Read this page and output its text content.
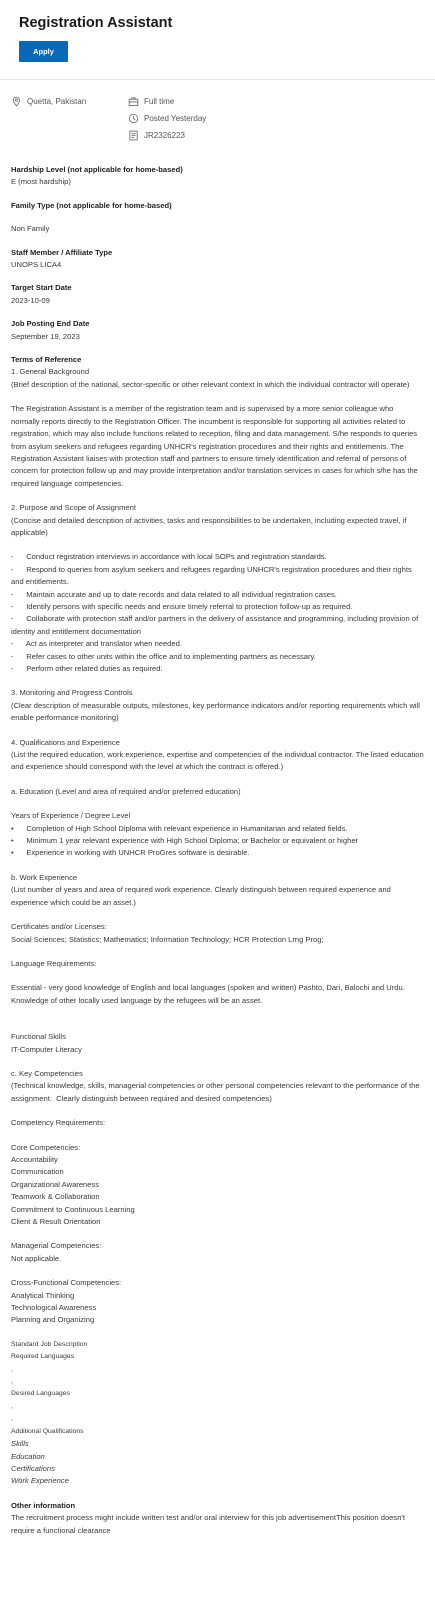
Registration Assistant
Apply
Quetta, Pakistan	Full time
Posted Yesterday
JR2326223

Hardship Level (not applicable for home-based)

E (most hardship)

Family Type (not applicable for home-based)

Non Family

Staff Member / Affiliate Type

UNOPS LICA4

Target Start Date

2023-10-09

Job Posting End Date

September 19, 2023

Terms of Reference

1. General Background

(Brief description of the national, sector-specific or other relevant context in which the individual contractor will operate)

The Registration Assistant is a member of the registration team and is supervised by a more senior colleague who normally reports directly to the Registration Officer. The incumbent is responsible for supporting all activities related to registration, which may also include functions related to reception, filing and data management. S/he responds to queries from asylum seekers and refugees regarding UNHCR's registration procedures and their rights and entitlements. The Registration Assistant liaises with protection staff and partners to ensure timely identification and referral of persons of concern for protection follow up and may provide interpretation and/or translation services in cases for which s/he has the required language competencies.

2. Purpose and Scope of Assignment

(Concise and detailed description of activities, tasks and responsibilities to be undertaken, including expected travel, if applicable)

-      Conduct registration interviews in accordance with local SOPs and registration standards.

-      Respond to queries from asylum seekers and refugees regarding UNHCR's registration procedures and their rights and entitlements.

-      Maintain accurate and up to date records and data related to all individual registration cases.

-      Identify persons with specific needs and ensure timely referral to protection follow-up as required.

-      Collaborate with protection staff and/or partners in the delivery of assistance and programming, including provision of identity and entitlement documentation

-      Act as interpreter and translator when needed.

-      Refer cases to other units within the office and to implementing partners as necessary.

-      Perform other related duties as required.

3. Monitoring and Progress Controls

(Clear description of measurable outputs, milestones, key performance indicators and/or reporting requirements which will enable performance monitoring)

4. Qualifications and Experience

(List the required education, work experience, expertise and competencies of the individual contractor. The listed education and experience should correspond with the level at which the contract is offered.)

a. Education (Level and area of required and/or preferred education)

Years of Experience / Degree Level

•      Completion of High School Diploma with relevant experience in Humanitarian and related fields.

•      Minimum 1 year relevant experience with High School Diploma; or Bachelor or equivalent or higher

•      Experience in working with UNHCR ProGres software is desirable.

b. Work Experience

(List number of years and area of required work experience. Clearly distinguish between required experience and experience which could be an asset.)

Certificates and/or Licenses:

Social Sciences; Statistics; Mathematics; Information Technology; HCR Protection Lrng Prog;

Language Requirements:

Essential - very good knowledge of English and local languages (spoken and written) Pashto, Dari, Balochi and Urdu. Knowledge of other locally used language by the refugees will be an asset.

Functional Skills

IT-Computer Literacy

c. Key Competencies

(Technical knowledge, skills, managerial competencies or other personal competencies relevant to the performance of the assignment.  Clearly distinguish between required and desired competencies)

Competency Requirements:

Core Competencies:

Accountability

Communication

Organizational Awareness

Teamwork & Collaboration

Commitment to Continuous Learning

Client & Result Orientation

Managerial Competencies:

Not applicable.

Cross-Functional Competencies:

Analytical Thinking

Technological Awareness

Planning and Organizing

Standard Job Description

Required Languages

,

,

Desired Languages

,

,

Additional Qualifications

Skills

Education

Certifications

Work Experience

Other information

The recruitment process might include written test and/or oral interview for this job advertisementThis position doesn't require a functional clearance
